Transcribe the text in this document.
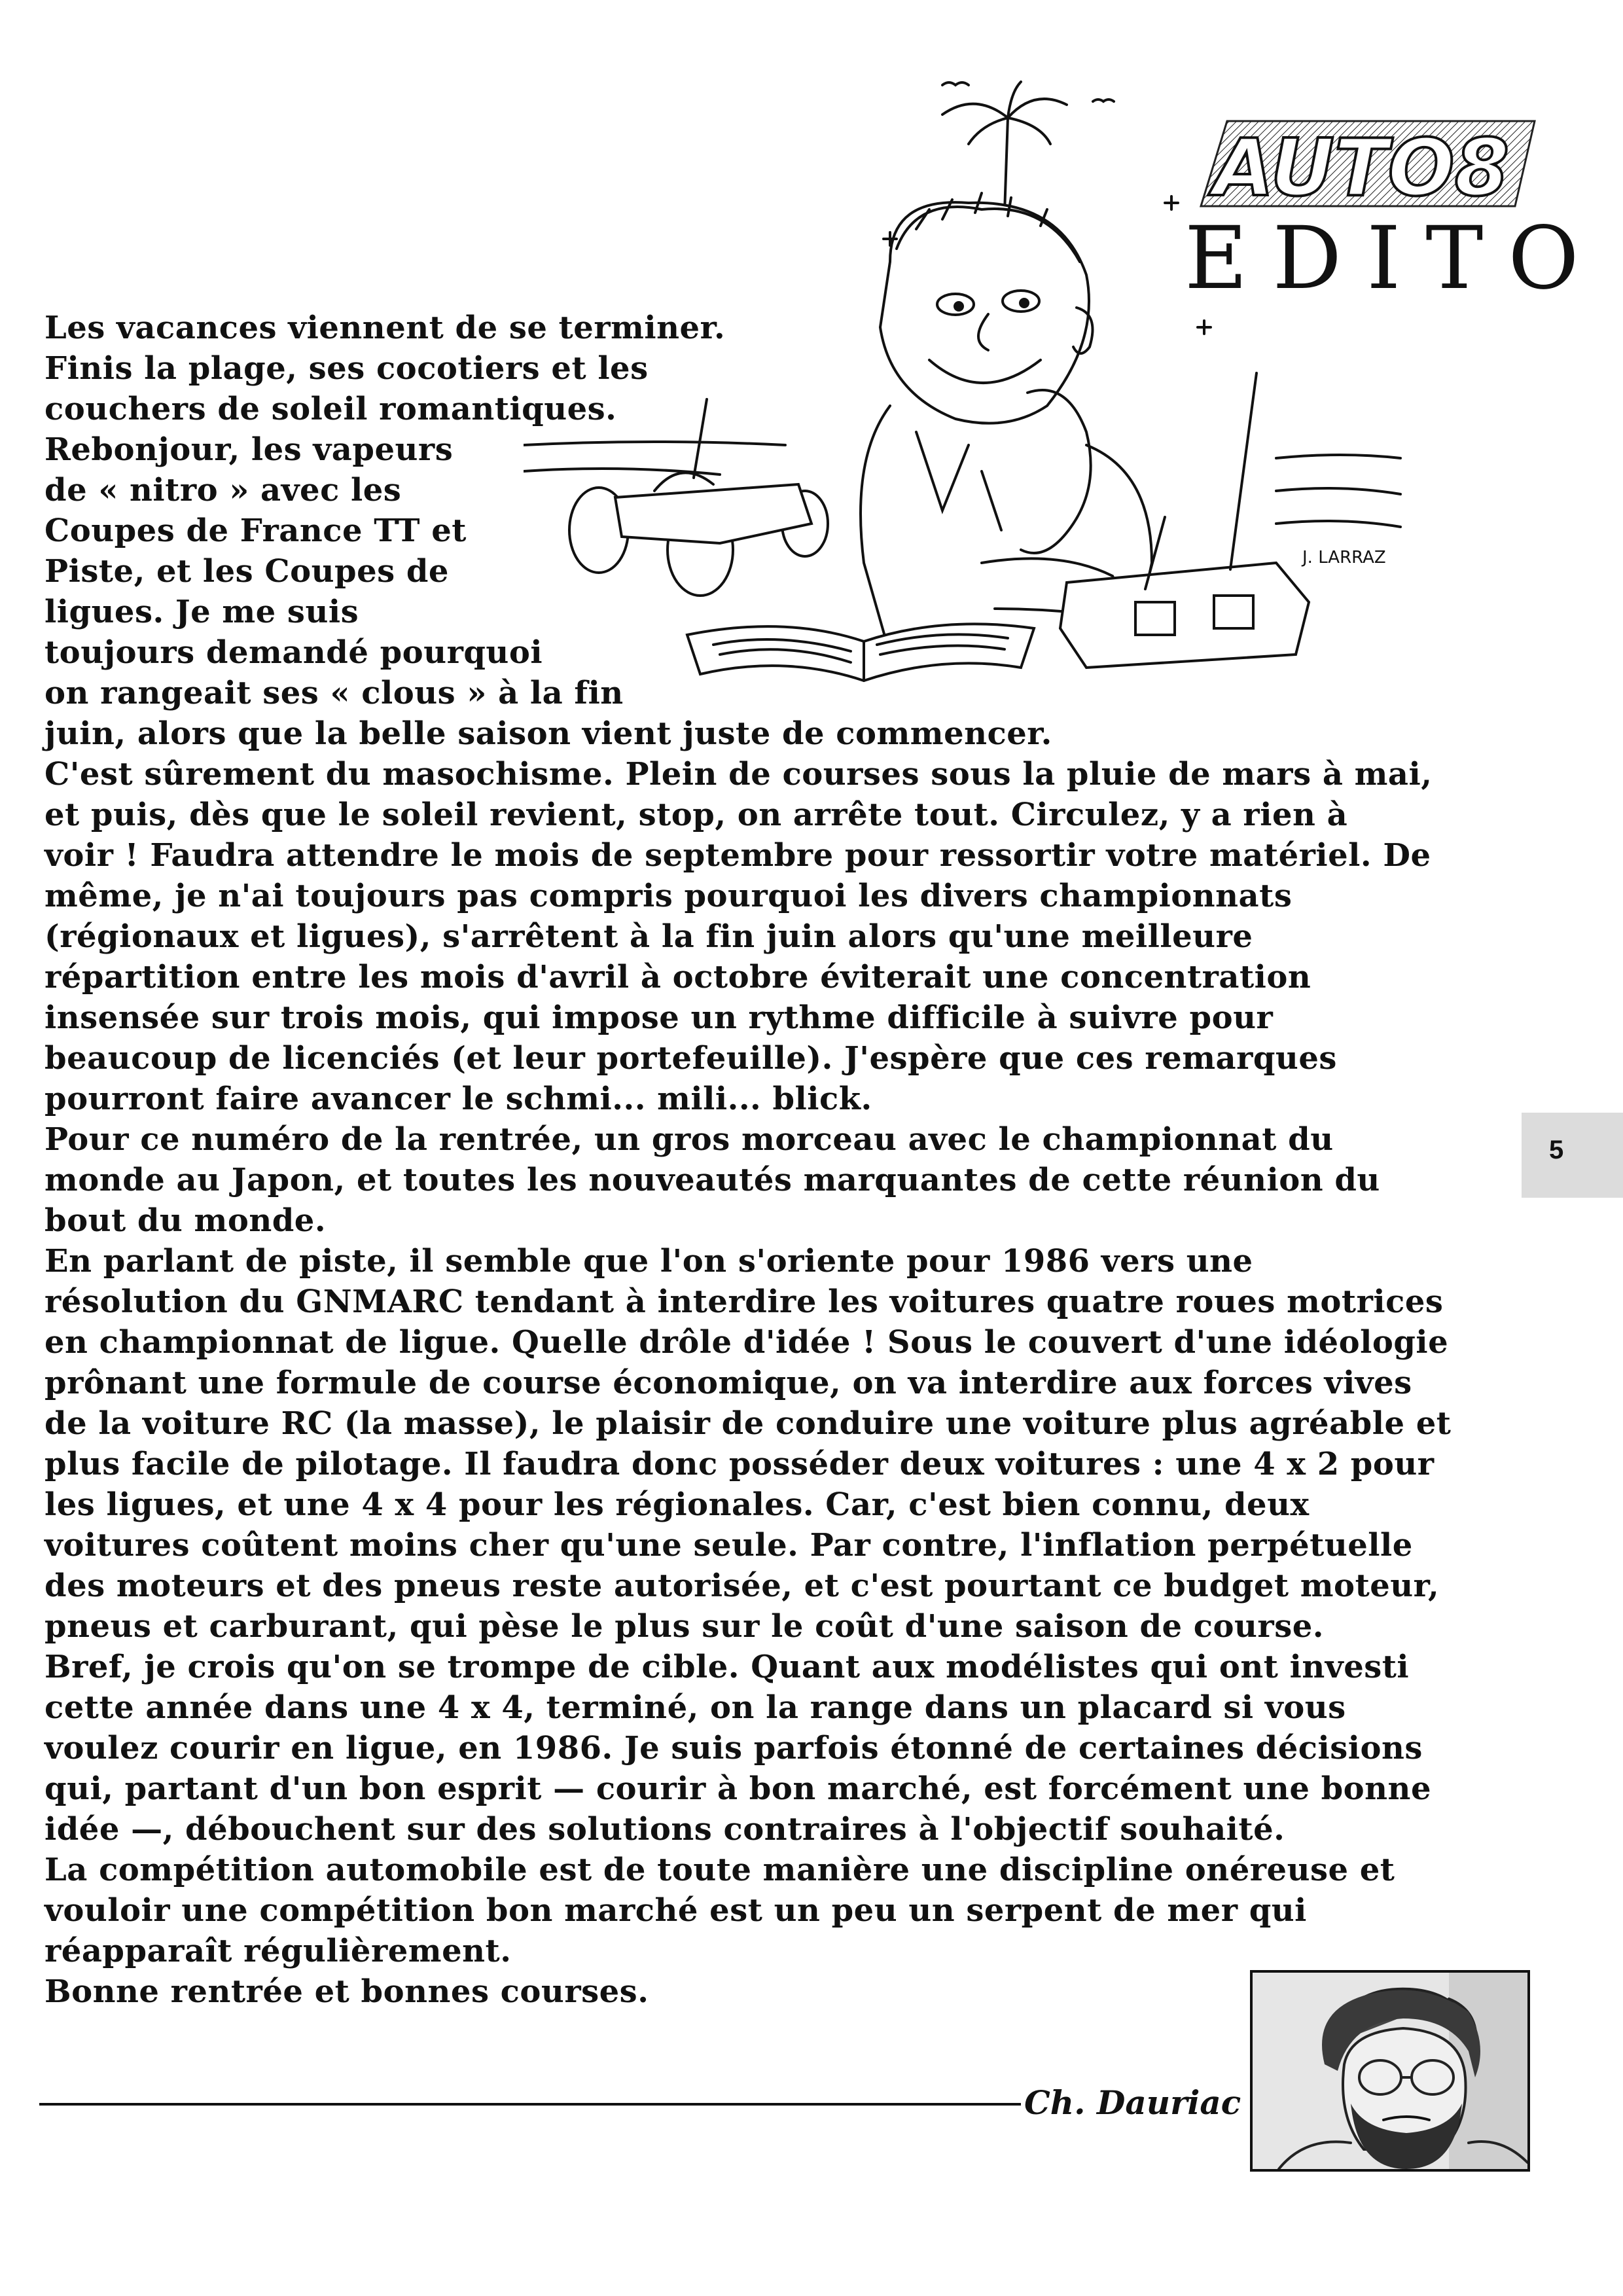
AUTO8
EDITO
J. LARRAZ
Les vacances viennent de se terminer.
Finis la plage, ses cocotiers et les
couchers de soleil romantiques.
Rebonjour, les vapeurs
de « nitro » avec les
Coupes de France TT et
Piste, et les Coupes de
ligues. Je me suis
toujours demandé pourquoi
on rangeait ses « clous » à la fin
juin, alors que la belle saison vient juste de commencer.
C'est sûrement du masochisme. Plein de courses sous la pluie de mars à mai,
et puis, dès que le soleil revient, stop, on arrête tout. Circulez, y a rien à
voir ! Faudra attendre le mois de septembre pour ressortir votre matériel. De
même, je n'ai toujours pas compris pourquoi les divers championnats
(régionaux et ligues), s'arrêtent à la fin juin alors qu'une meilleure
répartition entre les mois d'avril à octobre éviterait une concentration
insensée sur trois mois, qui impose un rythme difficile à suivre pour
beaucoup de licenciés (et leur portefeuille). J'espère que ces remarques
pourront faire avancer le schmi... mili... blick.
Pour ce numéro de la rentrée, un gros morceau avec le championnat du
monde au Japon, et toutes les nouveautés marquantes de cette réunion du
bout du monde.
En parlant de piste, il semble que l'on s'oriente pour 1986 vers une
résolution du GNMARC tendant à interdire les voitures quatre roues motrices
en championnat de ligue. Quelle drôle d'idée ! Sous le couvert d'une idéologie
prônant une formule de course économique, on va interdire aux forces vives
de la voiture RC (la masse), le plaisir de conduire une voiture plus agréable et
plus facile de pilotage. Il faudra donc posséder deux voitures : une 4 x 2 pour
les ligues, et une 4 x 4 pour les régionales. Car, c'est bien connu, deux
voitures coûtent moins cher qu'une seule. Par contre, l'inflation perpétuelle
des moteurs et des pneus reste autorisée, et c'est pourtant ce budget moteur,
pneus et carburant, qui pèse le plus sur le coût d'une saison de course.
Bref, je crois qu'on se trompe de cible. Quant aux modélistes qui ont investi
cette année dans une 4 x 4, terminé, on la range dans un placard si vous
voulez courir en ligue, en 1986. Je suis parfois étonné de certaines décisions
qui, partant d'un bon esprit — courir à bon marché, est forcément une bonne
idée —, débouchent sur des solutions contraires à l'objectif souhaité.
La compétition automobile est de toute manière une discipline onéreuse et
vouloir une compétition bon marché est un peu un serpent de mer qui
réapparaît régulièrement.
Bonne rentrée et bonnes courses.
5
Ch. Dauriac
